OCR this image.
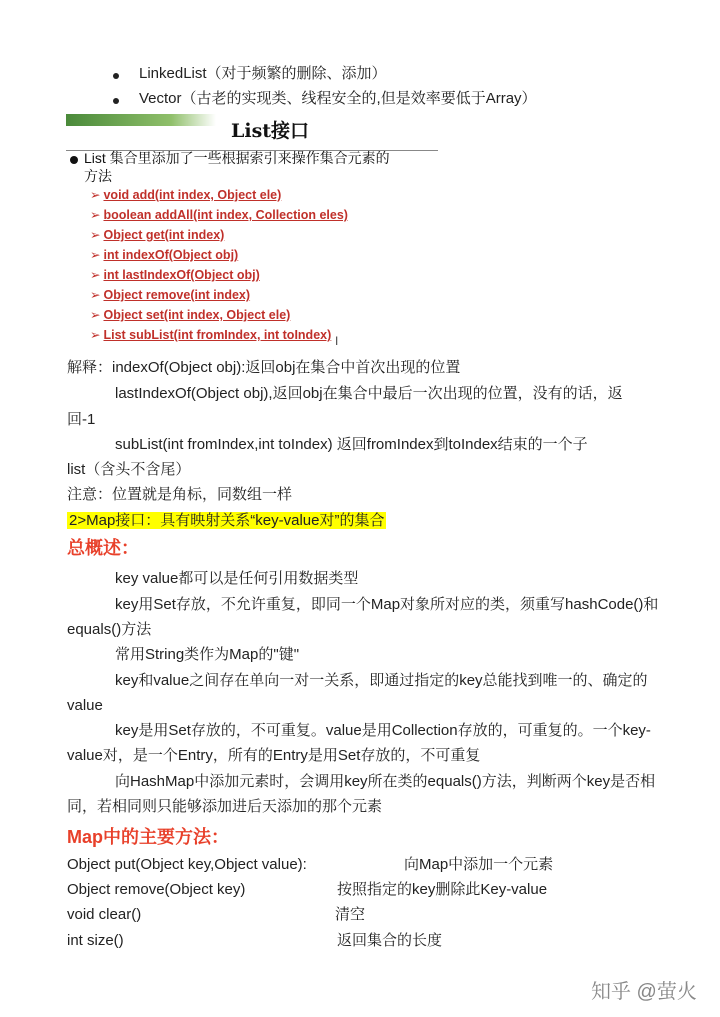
LinkedList（对于频繁的删除、添加）
Vector（古老的实现类、线程安全的,但是效率要低于Array）
List接口
List 集合里添加了一些根据索引来操作集合元素的
方法
➢ void add(int index, Object ele)
➢ boolean addAll(int index, Collection eles)
➢ Object get(int index)
➢ int indexOf(Object obj)
➢ int lastIndexOf(Object obj)
➢ Object remove(int index)
➢ Object set(int index, Object ele)
➢ List subList(int fromIndex, int toIndex) I
解释：indexOf(Object obj):返回obj在集合中首次出现的位置
lastIndexOf(Object obj),返回obj在集合中最后一次出现的位置，没有的话，返
回-1
subList(int fromIndex,int toIndex) 返回fromIndex到toIndex结束的一个子
list（含头不含尾）
注意：位置就是角标，同数组一样
2>Map接口：具有映射关系“key-value对”的集合
总概述：
key value都可以是任何引用数据类型
key用Set存放，不允许重复，即同一个Map对象所对应的类，须重写hashCode()和
equals()方法
常用String类作为Map的"键"
key和value之间存在单向一对一关系，即通过指定的key总能找到唯一的、确定的
value
key是用Set存放的，不可重复。value是用Collection存放的，可重复的。一个key-
value对，是一个Entry，所有的Entry是用Set存放的，不可重复
向HashMap中添加元素时，会调用key所在类的equals()方法，判断两个key是否相
同，若相同则只能够添加进后天添加的那个元素
Map中的主要方法：
Object put(Object key,Object value):	向Map中添加一个元素
Object remove(Object key)	按照指定的key删除此Key-value
void clear()	清空
int size()	返回集合的长度
知乎 @萤火
